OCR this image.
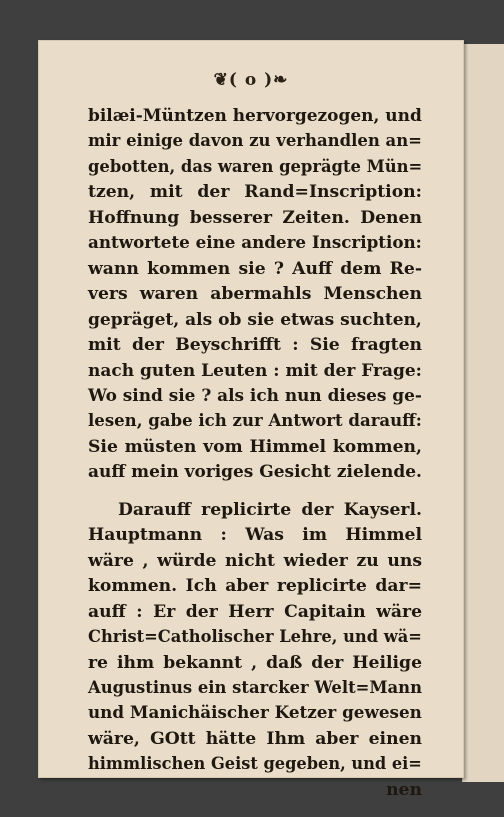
❦( o )❧
bilæi-Müntzen hervorgezogen, und
mir einige davon zu verhandlen an=
gebotten, das waren geprägte Mün=
tzen, mit der Rand=Inscription:
Hoffnung besserer Zeiten. Denen
antwortete eine andere Inscription:
wann kommen sie ? Auff dem Re-
vers waren abermahls Menschen
gepräget, als ob sie etwas suchten,
mit der Beyschrifft : Sie fragten
nach guten Leuten : mit der Frage:
Wo sind sie ? als ich nun dieses ge-
lesen, gabe ich zur Antwort darauff:
Sie müsten vom Himmel kommen,
auff mein voriges Gesicht zielende.
Darauff replicirte der Kayserl.
Hauptmann : Was im Himmel
wäre , würde nicht wieder zu uns
kommen. Ich aber replicirte dar=
auff : Er der Herr Capitain wäre
Christ=Catholischer Lehre, und wä=
re ihm bekannt , daß der Heilige
Augustinus ein starcker Welt=Mann
und Manichäischer Ketzer gewesen
wäre, GOtt hätte Ihm aber einen
himmlischen Geist gegeben, und ei=
nen
